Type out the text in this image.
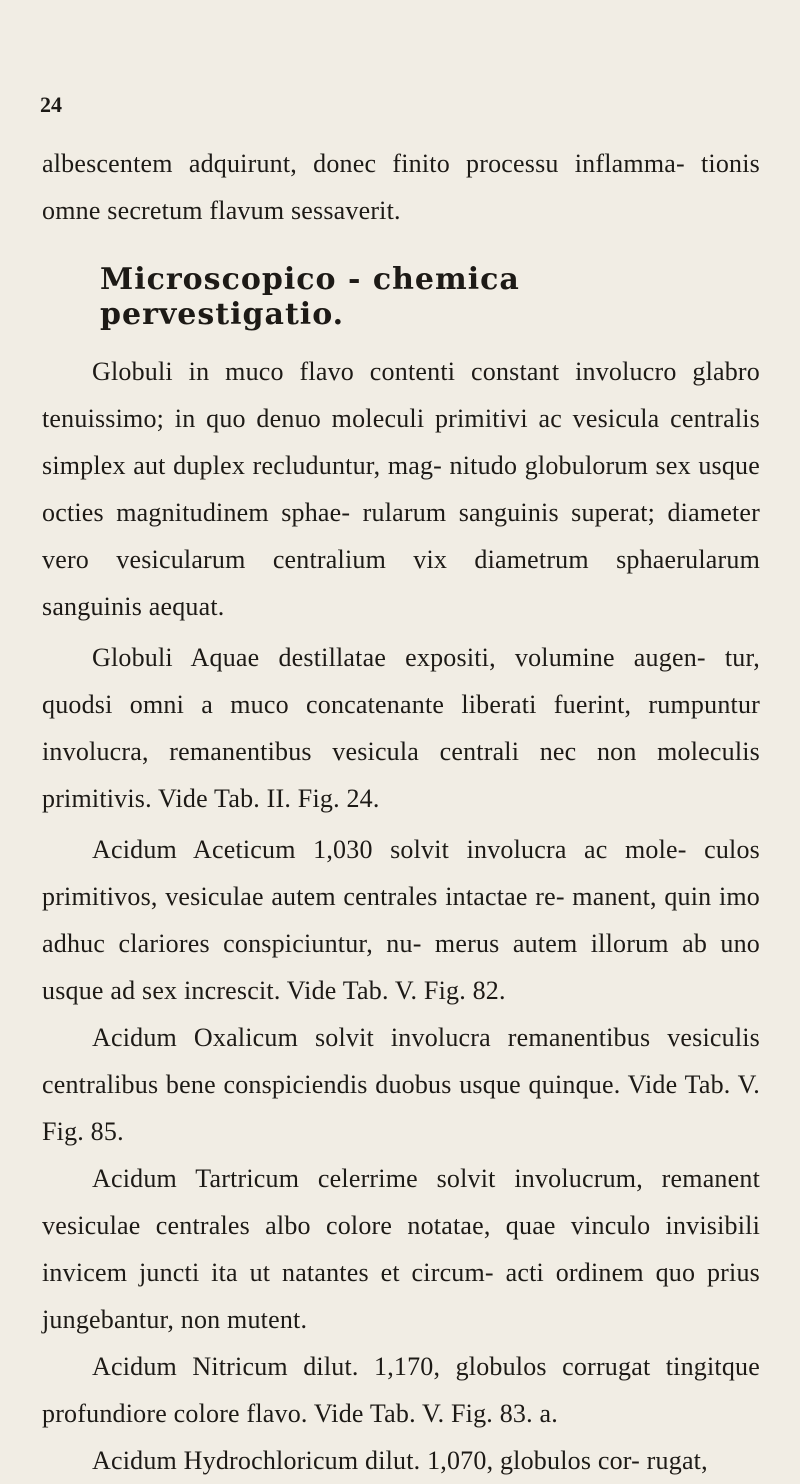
24

albescentem adquirunt, donec finito processu inflamma- tionis omne secretum flavum sessaverit.

Microscopico - chemica pervestigatio.

Globuli in muco flavo contenti constant involucro glabro tenuissimo; in quo denuo moleculi primitivi ac vesicula centralis simplex aut duplex recluduntur, mag- nitudo globulorum sex usque octies magnitudinem sphae- rularum sanguinis superat; diameter vero vesicularum centralium vix diametrum sphaerularum sanguinis aequat.

Globuli Aquae destillatae expositi, volumine augen- tur, quodsi omni a muco concatenante liberati fuerint, rumpuntur involucra, remanentibus vesicula centrali nec non moleculis primitivis. Vide Tab. II. Fig. 24.

Acidum Aceticum 1,030 solvit involucra ac mole- culos primitivos, vesiculae autem centrales intactae re- manent, quin imo adhuc clariores conspiciuntur, nu- merus autem illorum ab uno usque ad sex increscit. Vide Tab. V. Fig. 82.

Acidum Oxalicum solvit involucra remanentibus vesiculis centralibus bene conspiciendis duobus usque quinque. Vide Tab. V. Fig. 85.

Acidum Tartricum celerrime solvit involucrum, remanent vesiculae centrales albo colore notatae, quae vinculo invisibili invicem juncti ita ut natantes et circum- acti ordinem quo prius jungebantur, non mutent.

Acidum Nitricum dilut. 1,170, globulos corrugat tingitque profundiore colore flavo. Vide Tab. V. Fig. 83. a.

Acidum Hydrochloricum dilut. 1,070, globulos cor- rugat,
